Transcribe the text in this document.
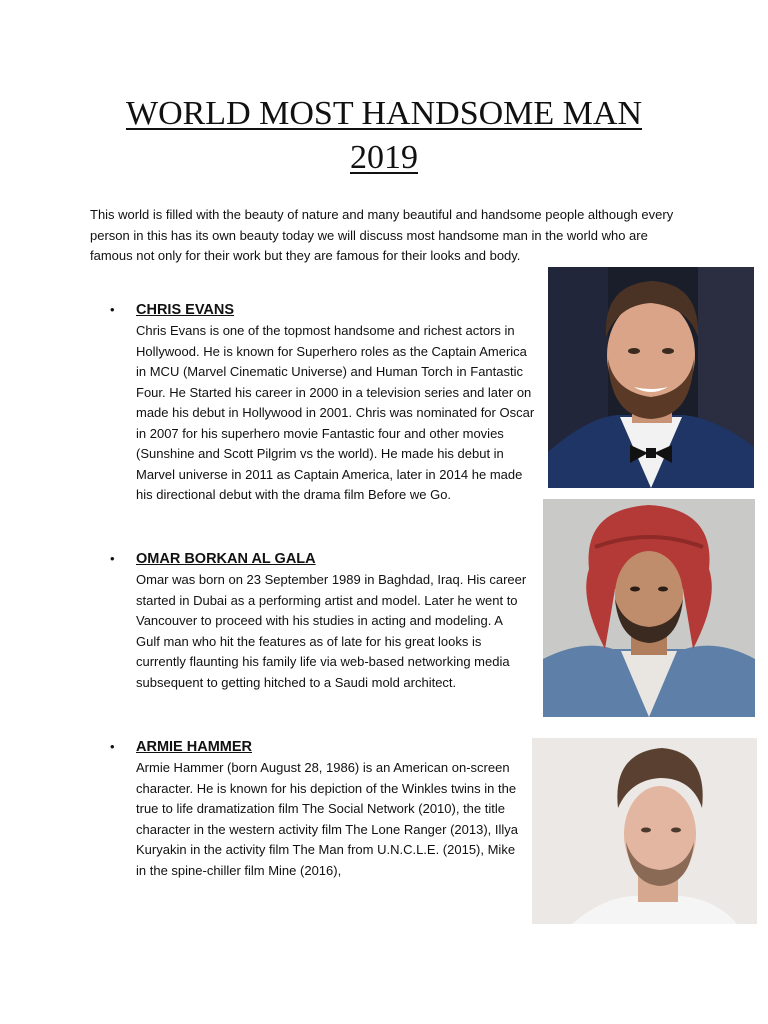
WORLD MOST HANDSOME MAN
2019

This world is filled with the beauty of nature and many beautiful and handsome people although every person in this has its own beauty today we will discuss most handsome man in the world who are famous not only for their work but they are famous for their looks and body.

• CHRIS EVANS

Chris Evans is one of the topmost handsome and richest actors in Hollywood. He is known for Superhero roles as the Captain America in MCU (Marvel Cinematic Universe) and Human Torch in Fantastic Four. He Started his career in 2000 in a television series and later on made his debut in Hollywood in 2001. Chris was nominated for Oscar in 2007 for his superhero movie Fantastic four and other movies (Sunshine and Scott Pilgrim vs the world). He made his debut in Marvel universe in 2011 as Captain America, later in 2014 he made his directional debut with the drama film Before we Go.

• OMAR BORKAN AL GALA

Omar was born on 23 September 1989 in Baghdad, Iraq. His career started in Dubai as a performing artist and model. Later he went to Vancouver to proceed with his studies in acting and modeling. A Gulf man who hit the features as of late for his great looks is currently flaunting his family life via web-based networking media subsequent to getting hitched to a Saudi mold architect.

• ARMIE HAMMER

Armie Hammer (born August 28, 1986) is an American on-screen character. He is known for his depiction of the Winkles twins in the true to life dramatization film The Social Network (2010), the title character in the western activity film The Lone Ranger (2013), Illya Kuryakin in the activity film The Man from U.N.C.L.E. (2015), Mike in the spine-chiller film Mine (2016),
